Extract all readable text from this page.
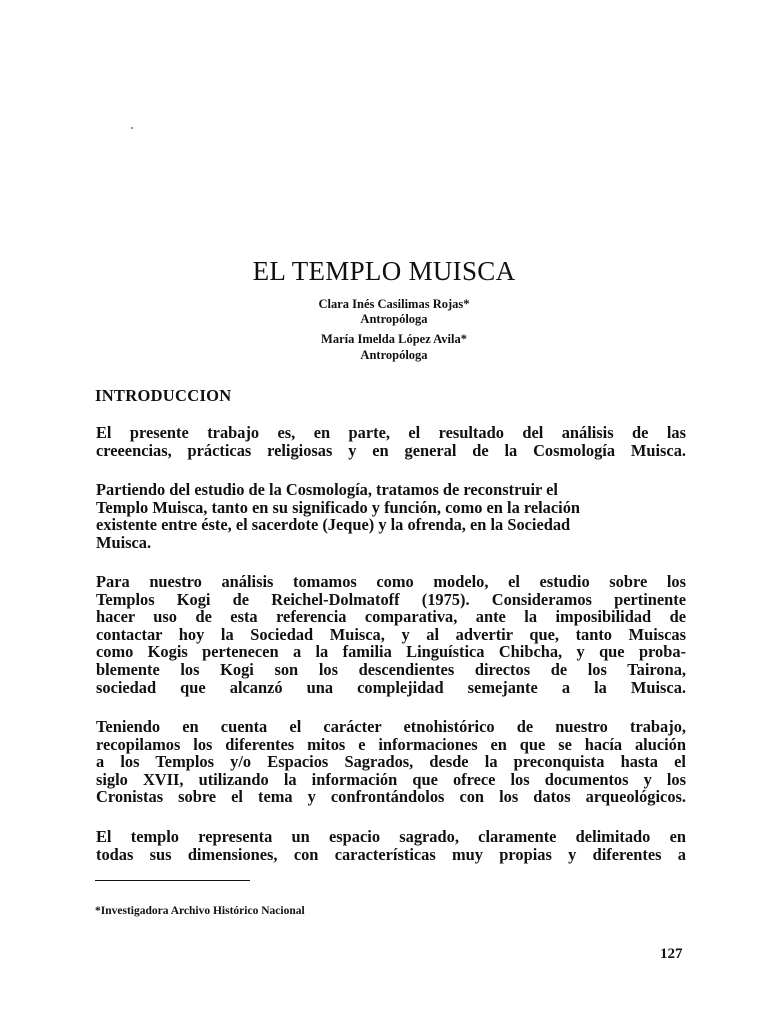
EL TEMPLO MUISCA
Clara Inés Casilimas Rojas*
Antropóloga
María Imelda López Avila*
Antropóloga
INTRODUCCION
El presente trabajo es, en parte, el resultado del análisis de las
creeencias, prácticas religiosas y en general de la Cosmología Muisca.
Partiendo del estudio de la Cosmología, tratamos de reconstruir el
Templo Muisca, tanto en su significado y función, como en la relación
existente entre éste, el sacerdote (Jeque) y la ofrenda, en la Sociedad
Muisca.
Para nuestro análisis tomamos como modelo, el estudio sobre los
Templos Kogi de Reichel-Dolmatoff (1975). Consideramos pertinente
hacer uso de esta referencia comparativa, ante la imposibilidad de
contactar hoy la Sociedad Muisca, y al advertir que, tanto Muiscas
como Kogis pertenecen a la familia Linguística Chibcha, y que proba-
blemente los Kogi son los descendientes directos de los Tairona,
sociedad que alcanzó una complejidad semejante a la Muisca.
Teniendo en cuenta el carácter etnohistórico de nuestro trabajo,
recopilamos los diferentes mitos e informaciones en que se hacía alución
a los Templos y/o Espacios Sagrados, desde la preconquista hasta el
siglo XVII, utilizando la información que ofrece los documentos y los
Cronistas sobre el tema y confrontándolos con los datos arqueológicos.
El templo representa un espacio sagrado, claramente delimitado en
todas sus dimensiones, con características muy propias y diferentes a
*Investigadora Archivo Histórico Nacional
127
